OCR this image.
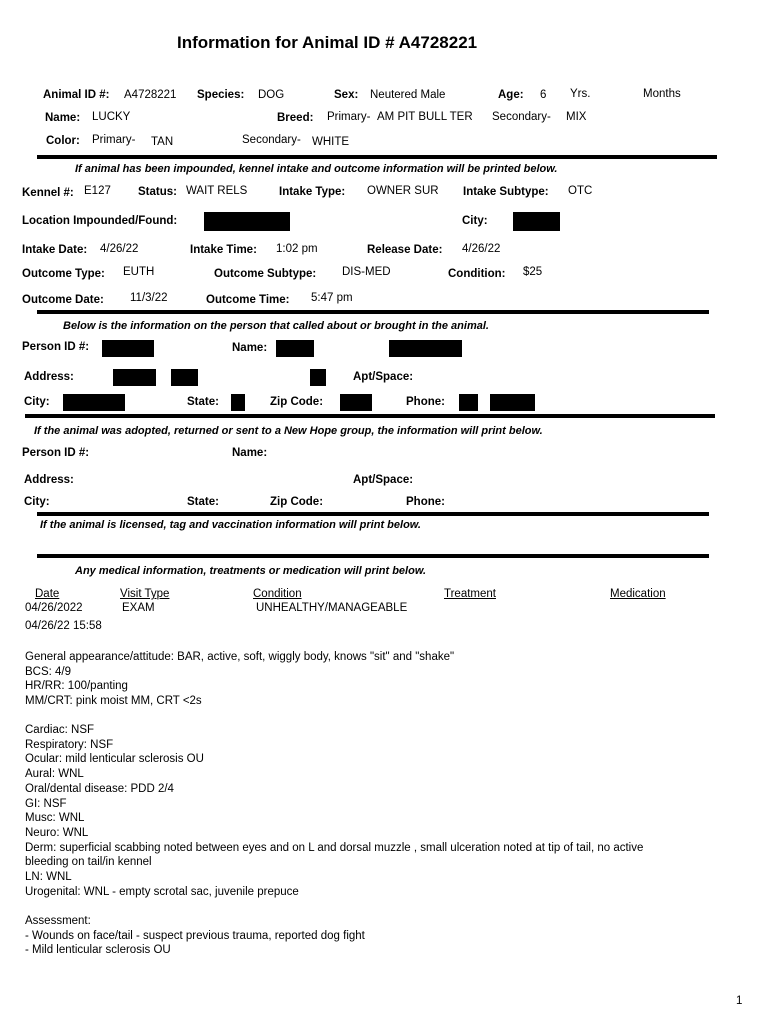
Information for Animal ID # A4728221
Animal ID #: A4728221 Species: DOG	Sex: Neutered Male	Age: 6 Yrs.	Months
Name: LUCKY	Breed: Primary- AM PIT BULL TER Secondary- MIX
Color: Primary- TAN	Secondary- WHITE
If animal has been impounded, kennel intake and outcome information will be printed below.
Kennel #: E127 Status: WAIT RELS	Intake Type: OWNER SUR Intake Subtype: OTC
Location Impounded/Found:	City:
Intake Date: 4/26/22	Intake Time: 1:02 pm	Release Date: 4/26/22
Outcome Type: EUTH	Outcome Subtype: DIS-MED	Condition: $25
Outcome Date: 11/3/22	Outcome Time: 5:47 pm
Below is the information on the person that called about or brought in the animal.
Person ID #:	Name:
Address:	Apt/Space:
City:	State:	Zip Code:	Phone:
If the animal was adopted, returned or sent to a New Hope group, the information will print below.
Person ID #:	Name:
Address:	Apt/Space:
City:	State:	Zip Code:	Phone:
If the animal is licensed, tag and vaccination information will print below.
Any medical information, treatments or medication will print below.
Date	Visit Type	Condition	Treatment	Medication
04/26/2022	EXAM	UNHEALTHY/MANAGEABLE
04/26/22 15:58
General appearance/attitude: BAR, active, soft, wiggly body, knows "sit" and "shake"
BCS: 4/9
HR/RR: 100/panting
MM/CRT: pink moist MM, CRT <2s
Cardiac: NSF
Respiratory: NSF
Ocular: mild lenticular sclerosis OU
Aural: WNL
Oral/dental disease: PDD 2/4
GI: NSF
Musc: WNL
Neuro: WNL
Derm: superficial scabbing noted between eyes and on L and dorsal muzzle , small ulceration noted at tip of tail, no active
bleeding on tail/in kennel
LN: WNL
Urogenital: WNL - empty scrotal sac, juvenile prepuce
Assessment:
- Wounds on face/tail - suspect previous trauma, reported dog fight
- Mild lenticular sclerosis OU
1
